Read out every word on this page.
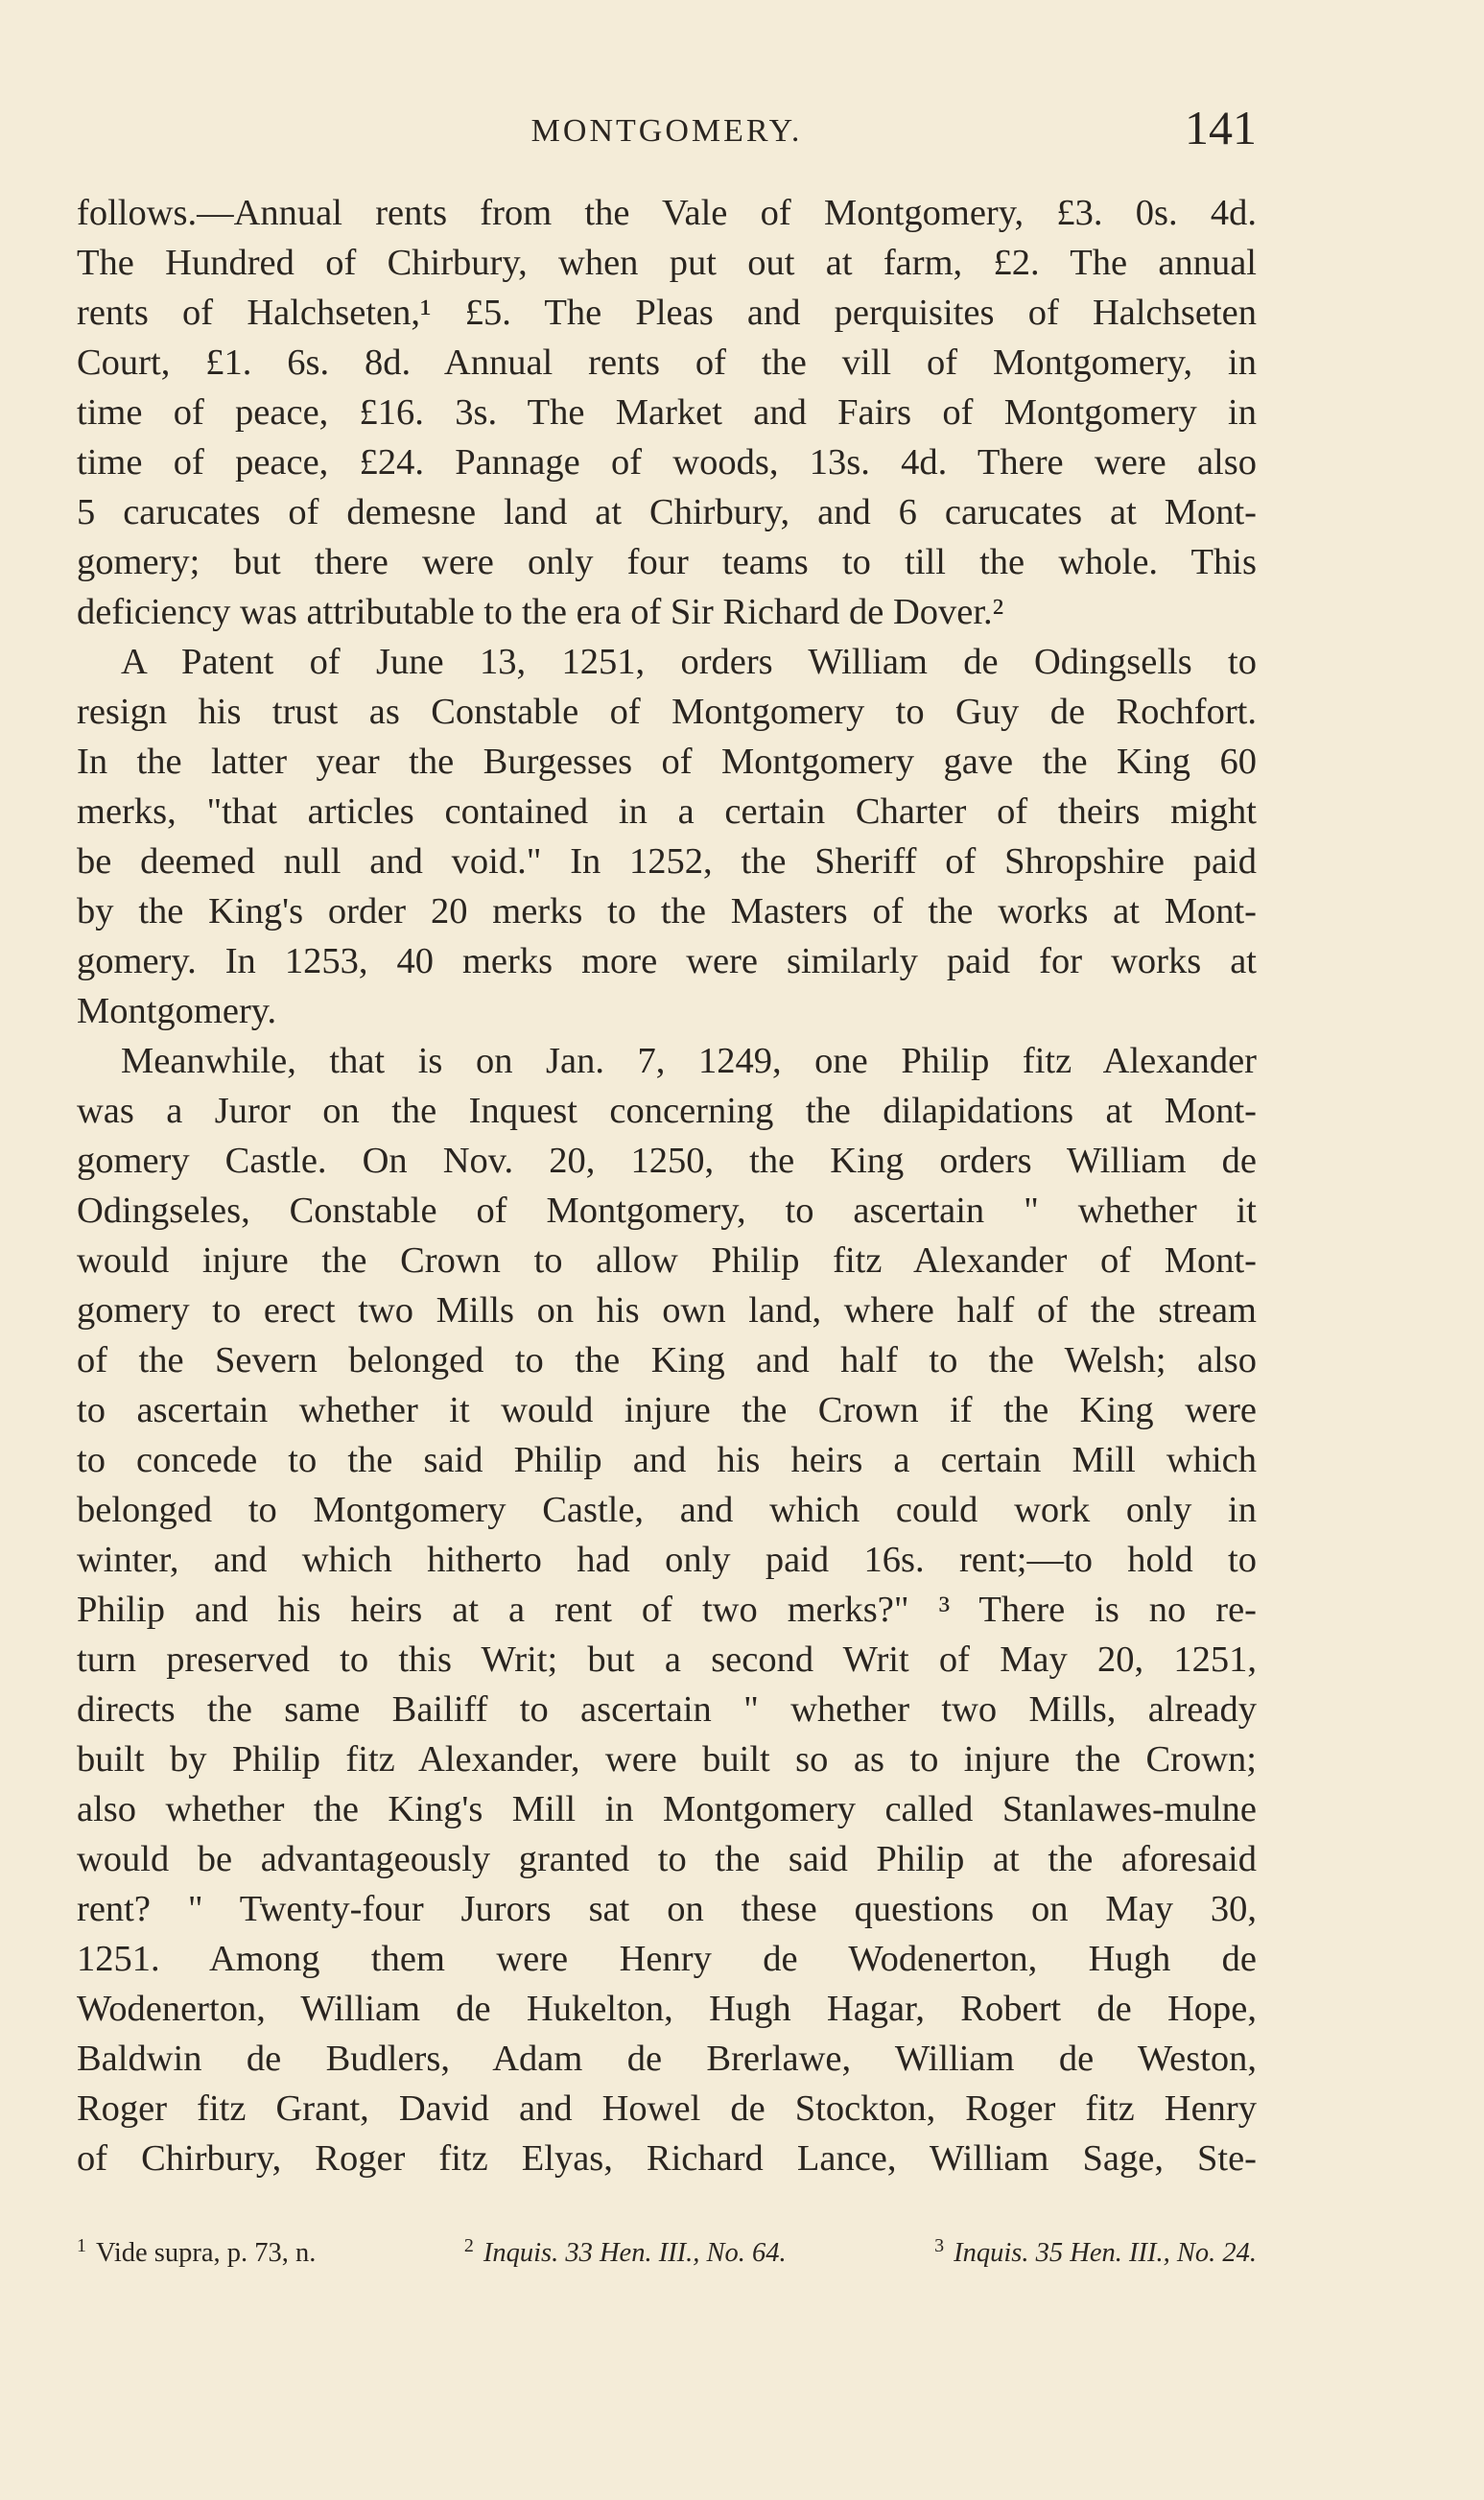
MONTGOMERY.	141
follows.—Annual rents from the Vale of Montgomery, £3. 0s. 4d.
The Hundred of Chirbury, when put out at farm, £2. The annual
rents of Halchseten,¹ £5. The Pleas and perquisites of Halchseten
Court, £1. 6s. 8d. Annual rents of the vill of Montgomery, in
time of peace, £16. 3s. The Market and Fairs of Montgomery in
time of peace, £24. Pannage of woods, 13s. 4d. There were also
5 carucates of demesne land at Chirbury, and 6 carucates at Mont-
gomery; but there were only four teams to till the whole. This
deficiency was attributable to the era of Sir Richard de Dover.²
A Patent of June 13, 1251, orders William de Odingsells to
resign his trust as Constable of Montgomery to Guy de Rochfort.
In the latter year the Burgesses of Montgomery gave the King 60
merks, "that articles contained in a certain Charter of theirs might
be deemed null and void." In 1252, the Sheriff of Shropshire paid
by the King's order 20 merks to the Masters of the works at Mont-
gomery. In 1253, 40 merks more were similarly paid for works at
Montgomery.
Meanwhile, that is on Jan. 7, 1249, one Philip fitz Alexander
was a Juror on the Inquest concerning the dilapidations at Mont-
gomery Castle. On Nov. 20, 1250, the King orders William de
Odingseles, Constable of Montgomery, to ascertain " whether it
would injure the Crown to allow Philip fitz Alexander of Mont-
gomery to erect two Mills on his own land, where half of the stream
of the Severn belonged to the King and half to the Welsh; also
to ascertain whether it would injure the Crown if the King were
to concede to the said Philip and his heirs a certain Mill which
belonged to Montgomery Castle, and which could work only in
winter, and which hitherto had only paid 16s. rent;—to hold to
Philip and his heirs at a rent of two merks?" ³ There is no re-
turn preserved to this Writ; but a second Writ of May 20, 1251,
directs the same Bailiff to ascertain " whether two Mills, already
built by Philip fitz Alexander, were built so as to injure the Crown;
also whether the King's Mill in Montgomery called Stanlawes-mulne
would be advantageously granted to the said Philip at the aforesaid
rent? " Twenty-four Jurors sat on these questions on May 30,
1251. Among them were Henry de Wodenerton, Hugh de
Wodenerton, William de Hukelton, Hugh Hagar, Robert de Hope,
Baldwin de Budlers, Adam de Brerlawe, William de Weston,
Roger fitz Grant, David and Howel de Stockton, Roger fitz Henry
of Chirbury, Roger fitz Elyas, Richard Lance, William Sage, Ste-
$^1$ Vide supra, p. 73, n.	$^2$ Inquis. 33 Hen. III., No. 64.	$^3$ Inquis. 35 Hen. III., No. 24.
